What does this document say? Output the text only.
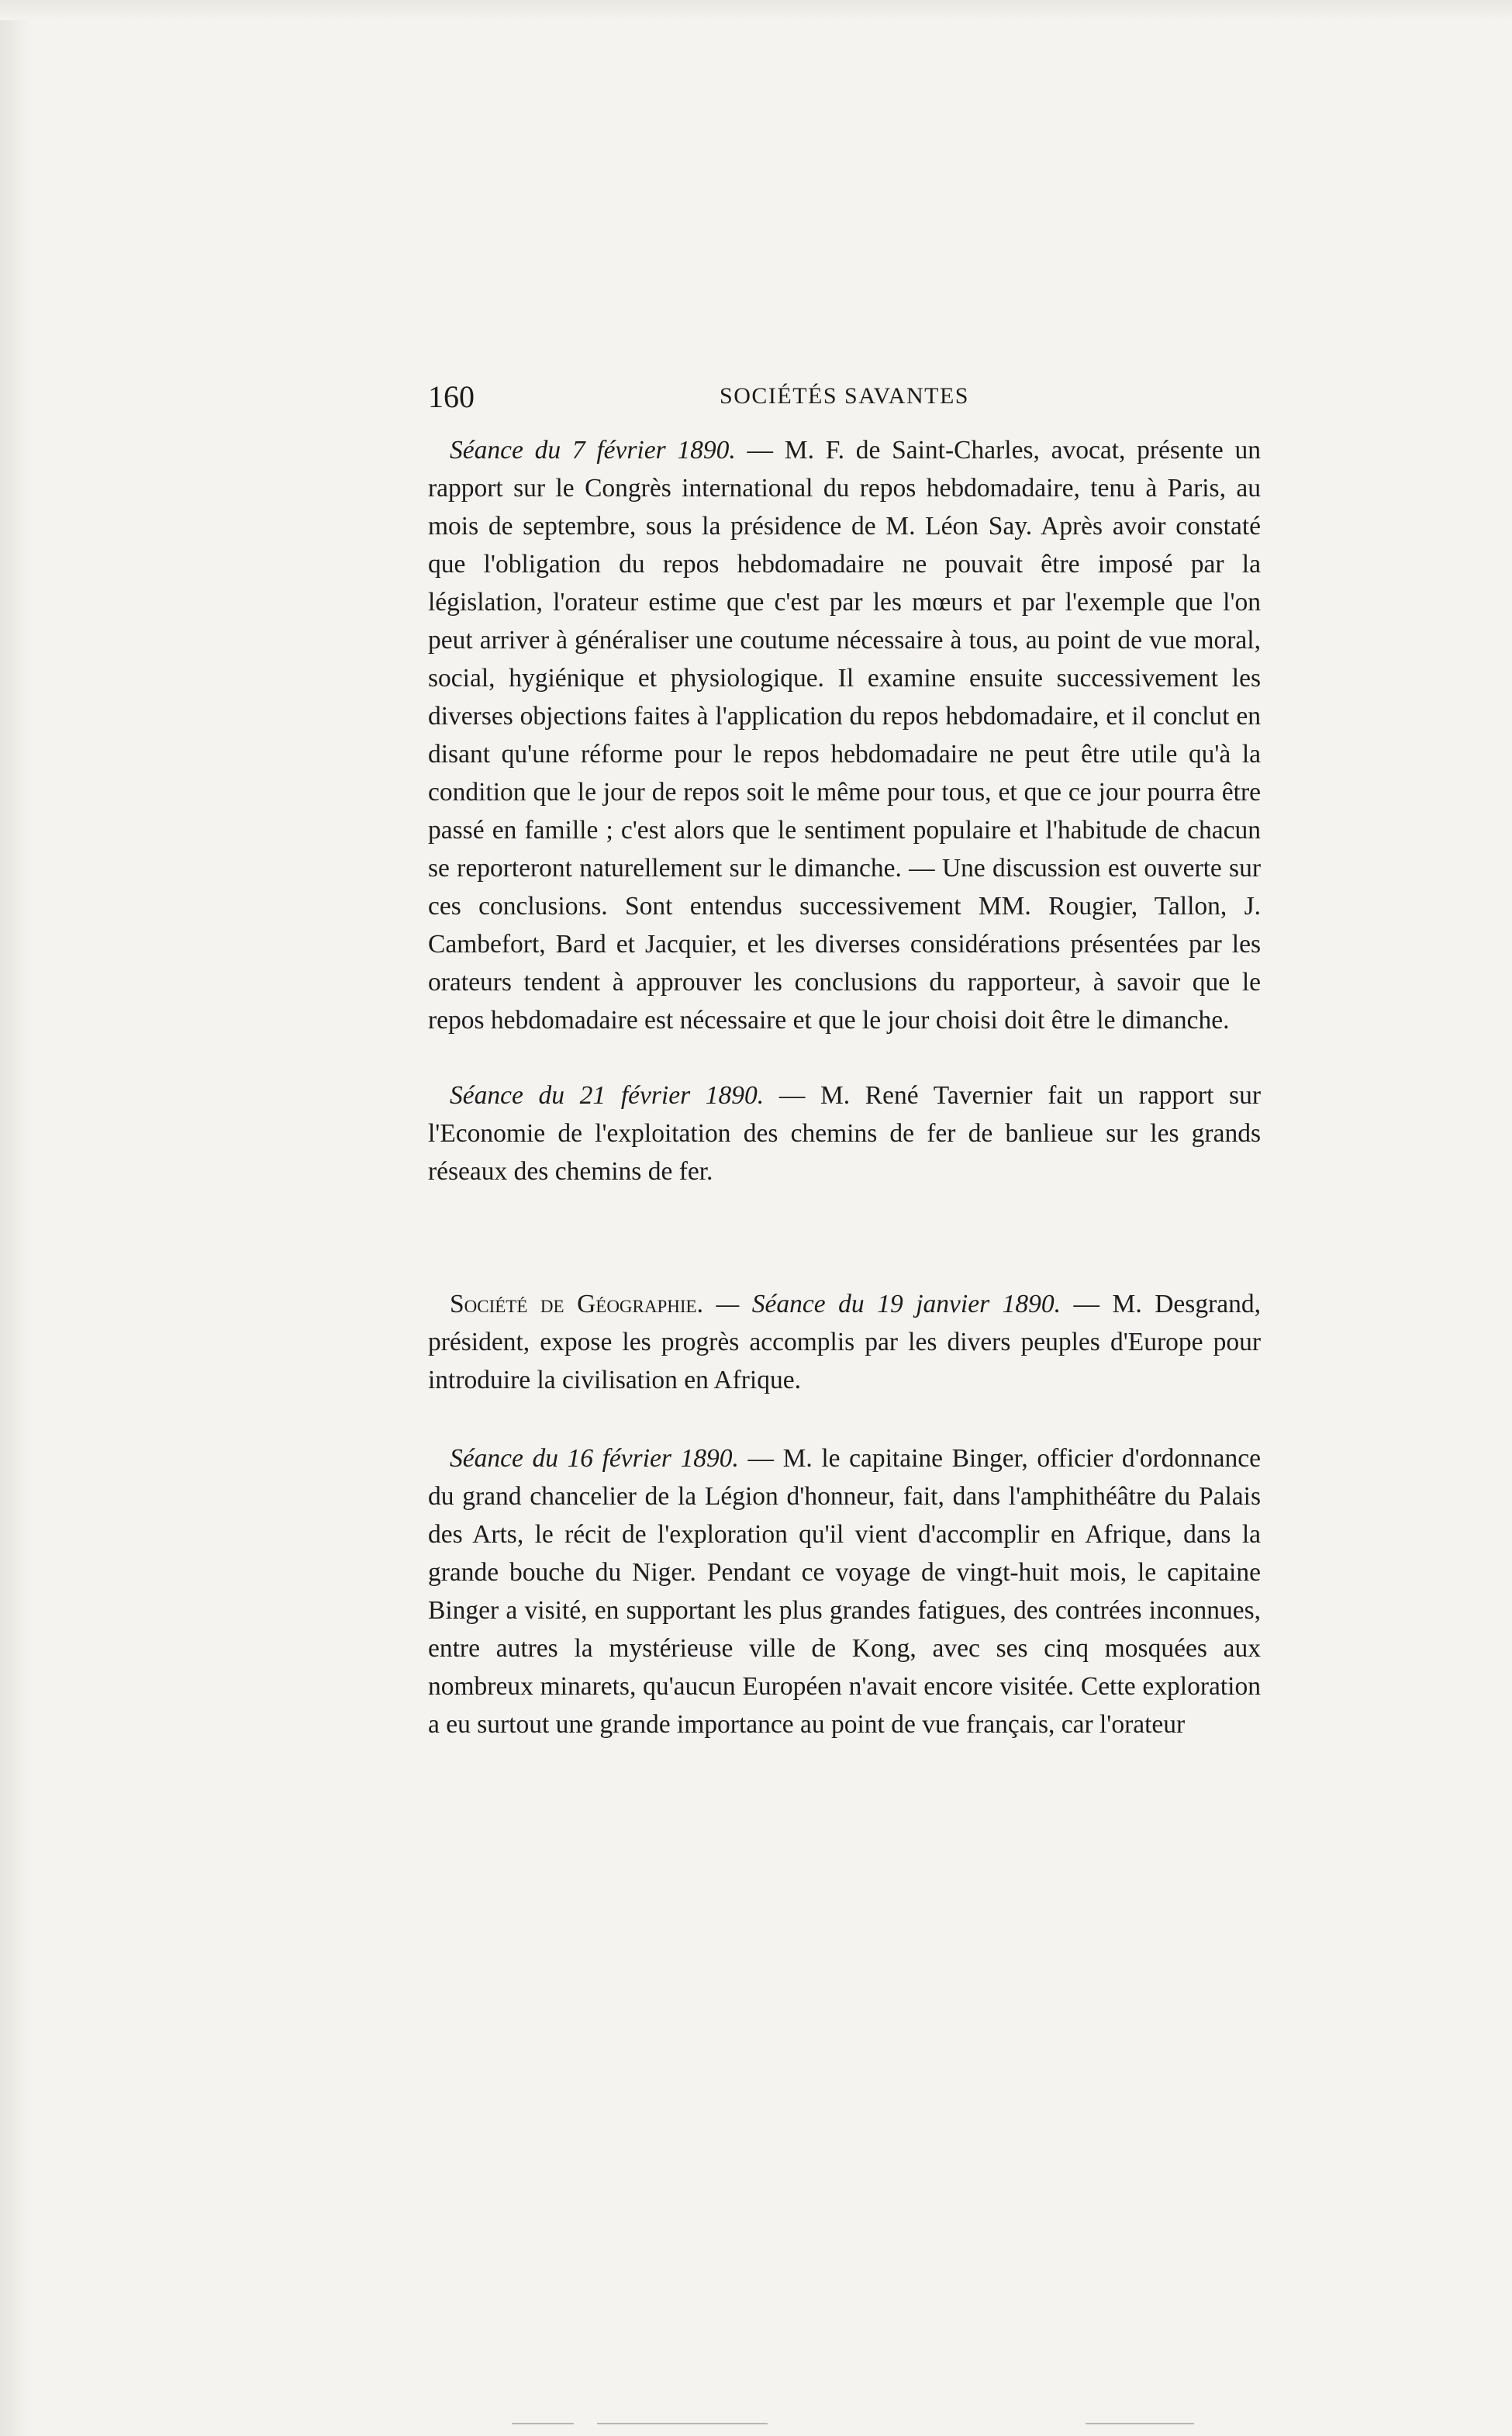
160	SOCIÉTÉS SAVANTES

Séance du 7 février 1890. — M. F. de Saint-Charles, avocat, présente un rapport sur le Congrès international du repos hebdomadaire, tenu à Paris, au mois de septembre, sous la présidence de M. Léon Say. Après avoir constaté que l'obligation du repos hebdomadaire ne pouvait être imposé par la législation, l'orateur estime que c'est par les mœurs et par l'exemple que l'on peut arriver à généraliser une coutume nécessaire à tous, au point de vue moral, social, hygiénique et physiologique. Il examine ensuite successivement les diverses objections faites à l'application du repos hebdomadaire, et il conclut en disant qu'une réforme pour le repos hebdomadaire ne peut être utile qu'à la condition que le jour de repos soit le même pour tous, et que ce jour pourra être passé en famille ; c'est alors que le sentiment populaire et l'habitude de chacun se reporteront naturellement sur le dimanche. — Une discussion est ouverte sur ces conclusions. Sont entendus successivement MM. Rougier, Tallon, J. Cambefort, Bard et Jacquier, et les diverses considérations présentées par les orateurs tendent à approuver les conclusions du rapporteur, à savoir que le repos hebdomadaire est nécessaire et que le jour choisi doit être le dimanche.

Séance du 21 février 1890. — M. René Tavernier fait un rapport sur l'Economie de l'exploitation des chemins de fer de banlieue sur les grands réseaux des chemins de fer.

Société de Géographie. — Séance du 19 janvier 1890. — M. Desgrand, président, expose les progrès accomplis par les divers peuples d'Europe pour introduire la civilisation en Afrique.

Séance du 16 février 1890. — M. le capitaine Binger, officier d'ordonnance du grand chancelier de la Légion d'honneur, fait, dans l'amphithéâtre du Palais des Arts, le récit de l'exploration qu'il vient d'accomplir en Afrique, dans la grande bouche du Niger. Pendant ce voyage de vingt-huit mois, le capitaine Binger a visité, en supportant les plus grandes fatigues, des contrées inconnues, entre autres la mystérieuse ville de Kong, avec ses cinq mosquées aux nombreux minarets, qu'aucun Européen n'avait encore visitée. Cette exploration a eu surtout une grande importance au point de vue français, car l'orateur
